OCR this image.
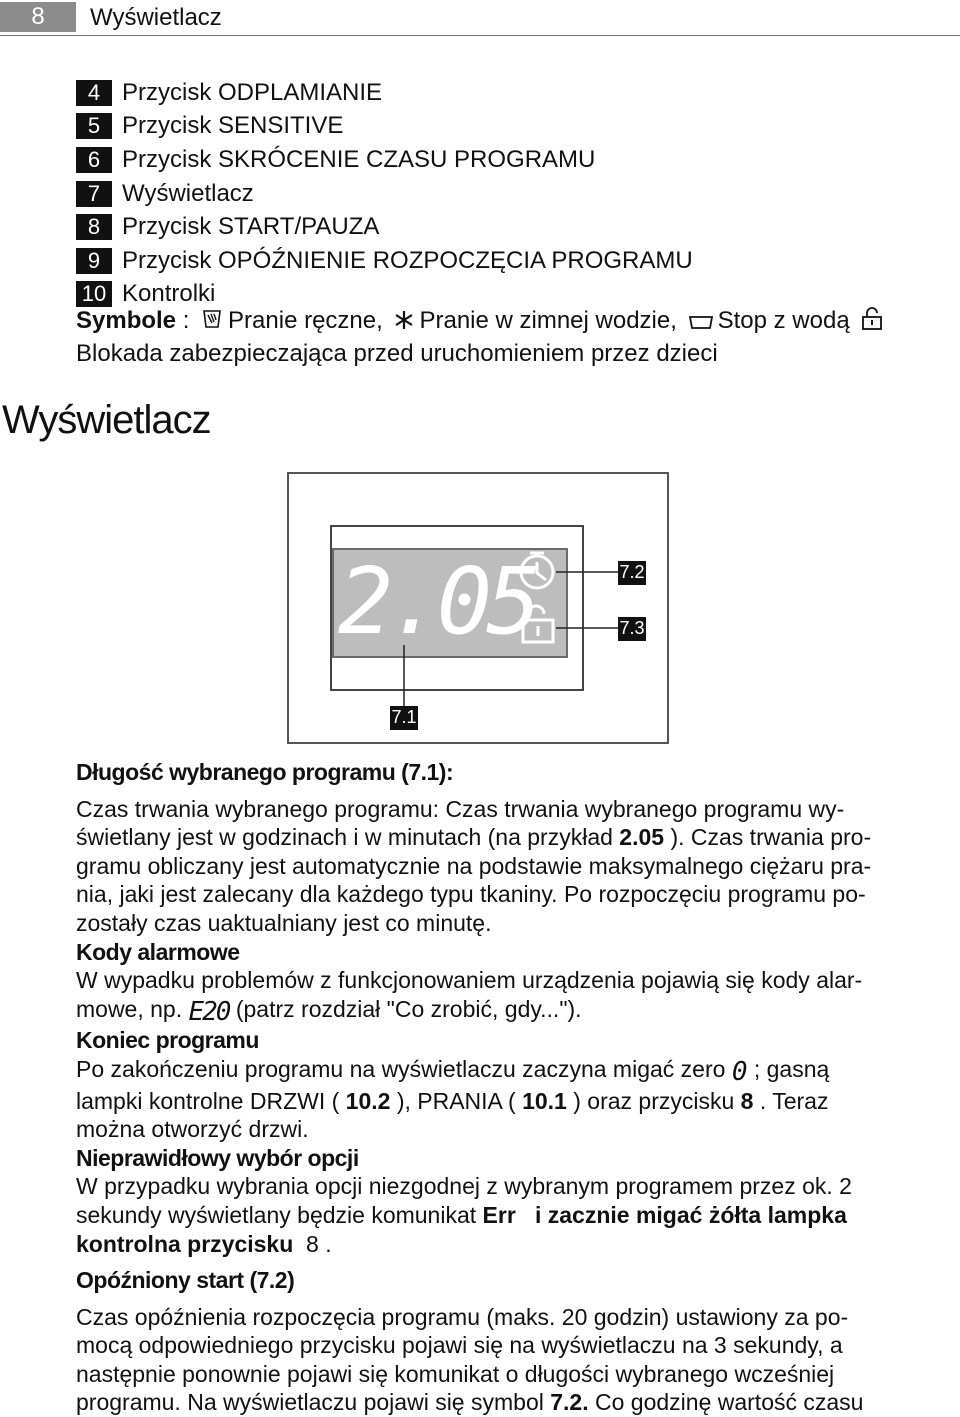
8	Wyświetlacz
4 Przycisk ODPLAMIANIE
5 Przycisk SENSITIVE
6 Przycisk SKRÓCENIE CZASU PROGRAMU
7 Wyświetlacz
8 Przycisk START/PAUZA
9 Przycisk OPÓŹNIENIE ROZPOCZĘCIA PROGRAMU
10 Kontrolki
Symbole : Pranie ręczne, Pranie w zimnej wodzie, Stop z wodą
Blokada zabezpieczająca przed uruchomieniem przez dzieci
Wyświetlacz
2.05	7.2
7.3
7.1

Długość wybranego programu (7.1):

Czas trwania wybranego programu: Czas trwania wybranego programu wy-

świetlany jest w godzinach i w minutach (na przykład 2.05 ). Czas trwania pro-

gramu obliczany jest automatycznie na podstawie maksymalnego ciężaru pra-

nia, jaki jest zalecany dla każdego typu tkaniny. Po rozpoczęciu programu po-

zostały czas uaktualniany jest co minutę.

Kody alarmowe

W wypadku problemów z funkcjonowaniem urządzenia pojawią się kody alar-

mowe, np. E20 (patrz rozdział "Co zrobić, gdy...").

Koniec programu

Po zakończeniu programu na wyświetlaczu zaczyna migać zero 0 ; gasną

lampki kontrolne DRZWI ( 10.2 ), PRANIA ( 10.1 ) oraz przycisku 8 . Teraz

można otworzyć drzwi.

Nieprawidłowy wybór opcji

W przypadku wybrania opcji niezgodnej z wybranym programem przez ok. 2

sekundy wyświetlany będzie komunikat Err   i zacznie migać żółta lampka

kontrolna przycisku  8 .

Opóźniony start (7.2)

Czas opóźnienia rozpoczęcia programu (maks. 20 godzin) ustawiony za po-

mocą odpowiedniego przycisku pojawi się na wyświetlaczu na 3 sekundy, a

następnie ponownie pojawi się komunikat o długości wybranego wcześniej

programu. Na wyświetlaczu pojawi się symbol 7.2. Co godzinę wartość czasu
